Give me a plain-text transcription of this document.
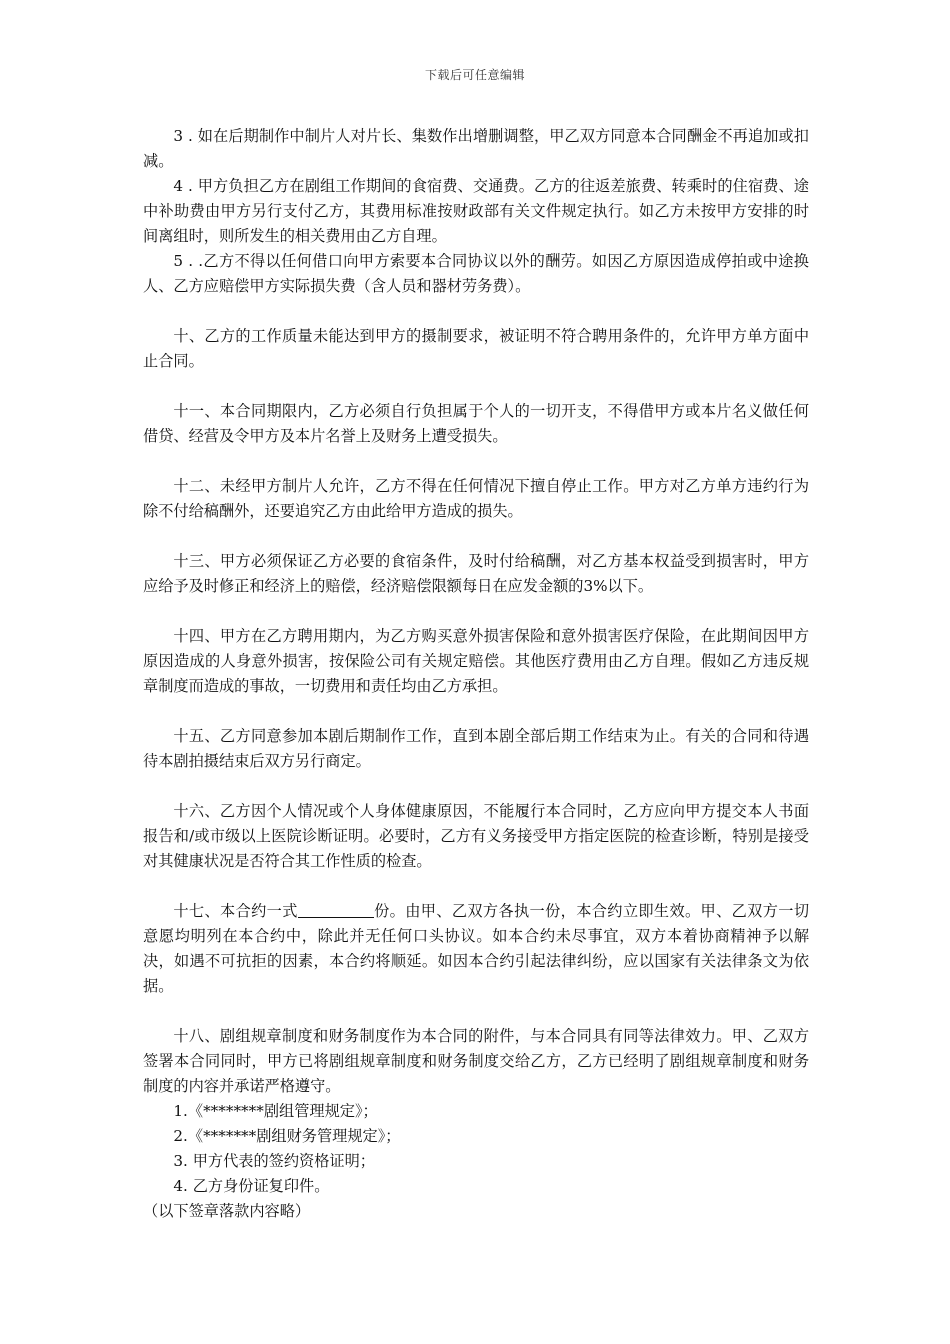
下载后可任意编辑

3 . 如在后期制作中制片人对片长、集数作出增删调整，甲乙双方同意本合同酬金不再追加或扣减。

4 . 甲方负担乙方在剧组工作期间的食宿费、交通费。乙方的往返差旅费、转乘时的住宿费、途中补助费由甲方另行支付乙方，其费用标准按财政部有关文件规定执行。如乙方未按甲方安排的时间离组时，则所发生的相关费用由乙方自理。

5 . .乙方不得以任何借口向甲方索要本合同协议以外的酬劳。如因乙方原因造成停拍或中途换人、乙方应赔偿甲方实际损失费（含人员和器材劳务费）。

十、乙方的工作质量未能达到甲方的摄制要求，被证明不符合聘用条件的，允许甲方单方面中止合同。

十一、本合同期限内，乙方必须自行负担属于个人的一切开支，不得借甲方或本片名义做任何借贷、经营及令甲方及本片名誉上及财务上遭受损失。

十二、未经甲方制片人允许，乙方不得在任何情况下擅自停止工作。甲方对乙方单方违约行为除不付给稿酬外，还要追究乙方由此给甲方造成的损失。

十三、甲方必须保证乙方必要的食宿条件，及时付给稿酬，对乙方基本权益受到损害时，甲方应给予及时修正和经济上的赔偿，经济赔偿限额每日在应发金额的3%以下。

十四、甲方在乙方聘用期内，为乙方购买意外损害保险和意外损害医疗保险，在此期间因甲方原因造成的人身意外损害，按保险公司有关规定赔偿。其他医疗费用由乙方自理。假如乙方违反规章制度而造成的事故，一切费用和责任均由乙方承担。

十五、乙方同意参加本剧后期制作工作，直到本剧全部后期工作结束为止。有关的合同和待遇待本剧拍摄结束后双方另行商定。

十六、乙方因个人情况或个人身体健康原因，不能履行本合同时，乙方应向甲方提交本人书面报告和/或市级以上医院诊断证明。必要时，乙方有义务接受甲方指定医院的检查诊断，特别是接受对其健康状况是否符合其工作性质的检查。

十七、本合约一式	份。由甲、乙双方各执一份，本合约立即生效。甲、乙双方一切意愿均明列在本合约中，除此并无任何口头协议。如本合约未尽事宜，双方本着协商精神予以解决，如遇不可抗拒的因素，本合约将顺延。如因本合约引起法律纠纷，应以国家有关法律条文为依据。

十八、剧组规章制度和财务制度作为本合同的附件，与本合同具有同等法律效力。甲、乙双方签署本合同同时，甲方已将剧组规章制度和财务制度交给乙方，乙方已经明了剧组规章制度和财务制度的内容并承诺严格遵守。

1.《********剧组管理规定》；

2.《*******剧组财务管理规定》；

3. 甲方代表的签约资格证明；

4. 乙方身份证复印件。

（以下签章落款内容略）
